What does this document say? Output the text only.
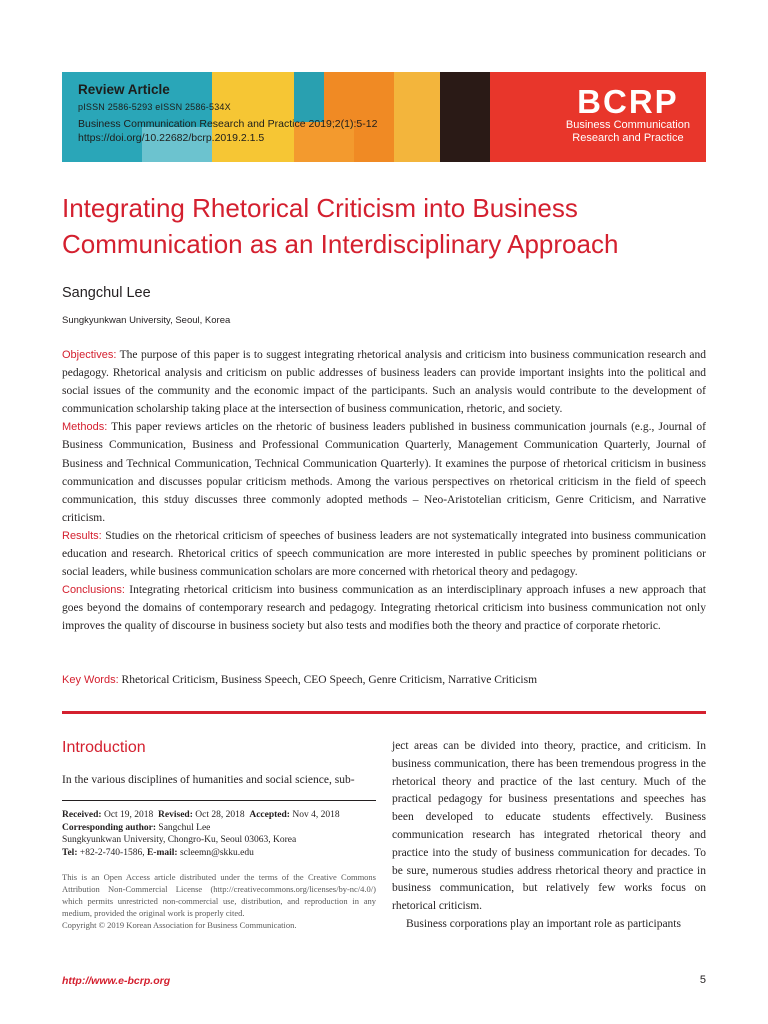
Review Article
pISSN 2586-5293 eISSN 2586-534X
Business Communication Research and Practice 2019;2(1):5-12
https://doi.org/10.22682/bcrp.2019.2.1.5
BCRP
Business Communication
Research and Practice
Integrating Rhetorical Criticism into Business Communication as an Interdisciplinary Approach
Sangchul Lee
Sungkyunkwan University, Seoul, Korea

Objectives: The purpose of this paper is to suggest integrating rhetorical analysis and criticism into business communication research and pedagogy. Rhetorical analysis and criticism on public addresses of business leaders can provide important insights into the political and social issues of the community and the economic impact of the participants. Such an analysis would contribute to the development of communication scholarship taking place at the intersection of business communication, rhetoric, and society.

Methods: This paper reviews articles on the rhetoric of business leaders published in business communication journals (e.g., Journal of Business Communication, Business and Professional Communication Quarterly, Management Communication Quarterly, Journal of Business and Technical Communication, Technical Communication Quarterly). It examines the purpose of rhetorical criticism in business communication and discusses popular criticism methods. Among the various perspectives on rhetorical criticism in the field of speech communication, this stduy discusses three commonly adopted methods – Neo-Aristotelian criticism, Genre Criticism, and Narrative criticism.

Results: Studies on the rhetorical criticism of speeches of business leaders are not systematically integrated into business communication education and research. Rhetorical critics of speech communication are more interested in public speeches by prominent politicians or social leaders, while business communication scholars are more concerned with rhetorical theory and pedagogy.

Conclusions: Integrating rhetorical criticism into business communication as an interdisciplinary approach infuses a new approach that goes beyond the domains of contemporary research and pedagogy. Integrating rhetorical criticism into business communication not only improves the quality of discourse in business society but also tests and modifies both the theory and practice of corporate rhetoric.

Key Words: Rhetorical Criticism, Business Speech, CEO Speech, Genre Criticism, Narrative Criticism
Introduction

In the various disciplines of humanities and social science, sub-

Received: Oct 19, 2018 Revised: Oct 28, 2018 Accepted: Nov 4, 2018
Corresponding author: Sangchul Lee
Sungkyunkwan University, Chongro-Ku, Seoul 03063, Korea
Tel: +82-2-740-1586, E-mail: scleemn@skku.edu
This is an Open Access article distributed under the terms of the Creative Commons Attribution Non-Commercial License (http://creativecommons.org/licenses/by-nc/4.0/) which permits unrestricted non-commercial use, distribution, and reproduction in any medium, provided the original work is properly cited.
Copyright © 2019 Korean Association for Business Communication.

ject areas can be divided into theory, practice, and criticism. In business communication, there has been tremendous progress in the rhetorical theory and practice of the last century. Much of the practical pedagogy for business presentations and speeches has been developed to educate students effectively. Business communication research has integrated rhetorical theory and practice into the study of business communication for decades. To be sure, numerous studies address rhetorical theory and practice in business communication, but relatively few works focus on rhetorical criticism.

Business corporations play an important role as participants

http://www.e-bcrp.org	5
